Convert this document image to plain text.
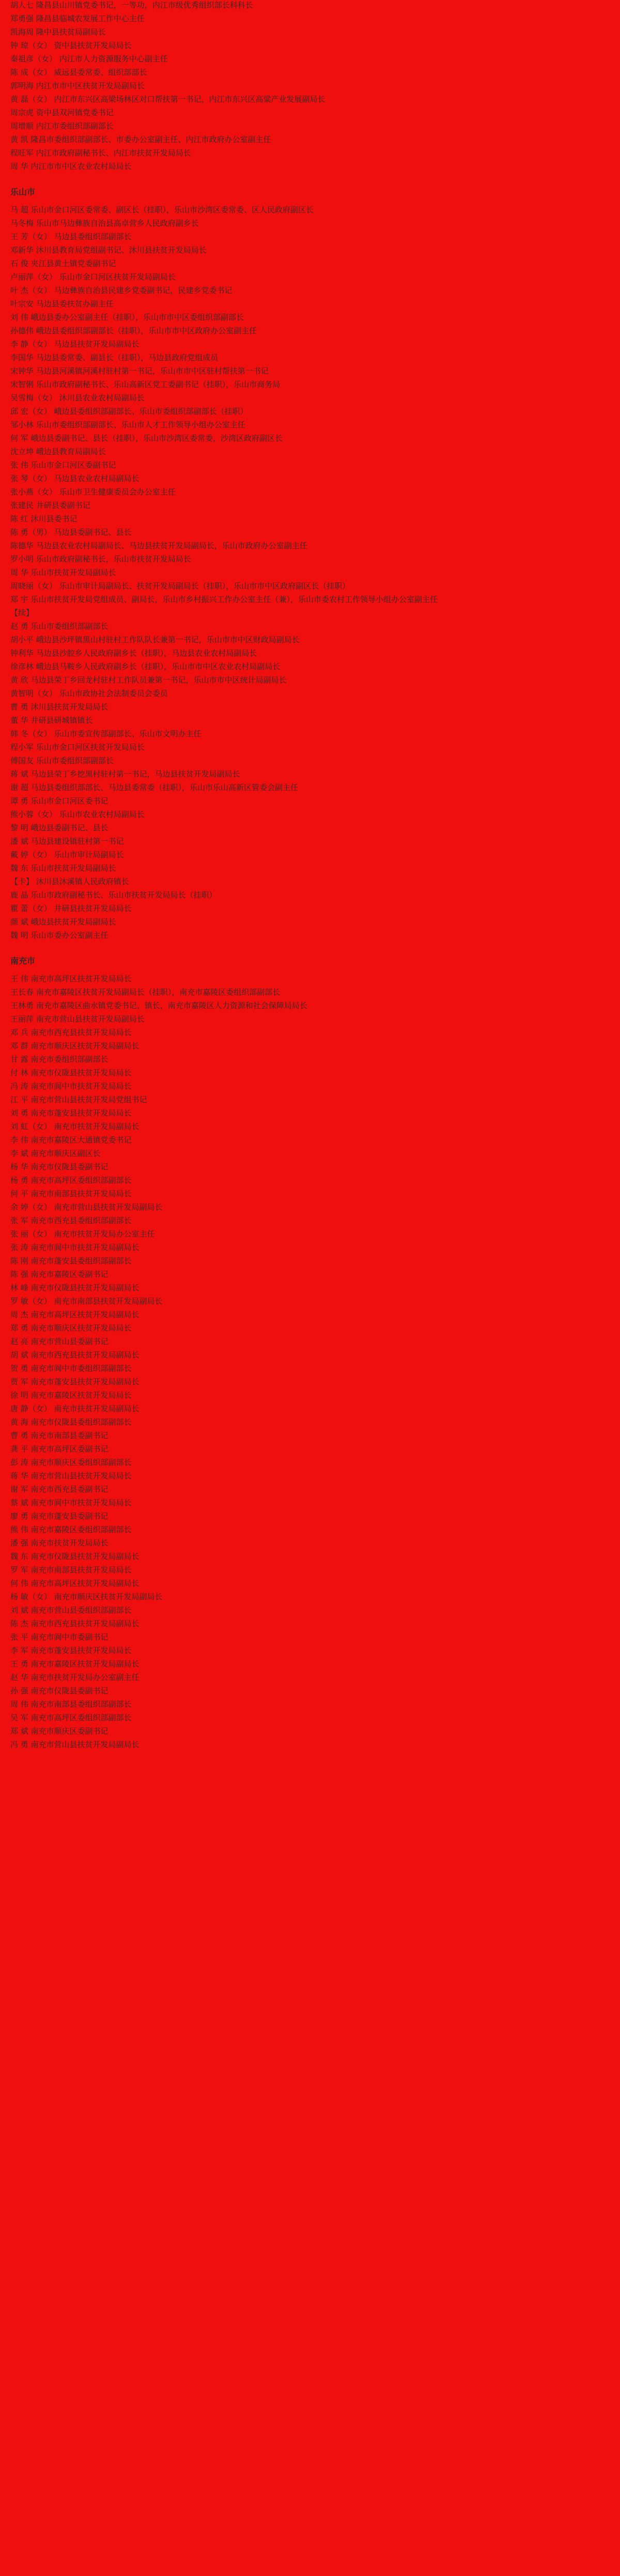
胡人七 隆昌县山川镇党委书记，一等功，内江市级优秀组织部长科科长

郑勇强 隆昌县临城农发展工作中心主任

凯海周 隆中县扶贫局副局长

钟 琼（女） 资中县扶贫开发局局长

秦祖彦（女） 内江市人力资源服务中心副主任

陈 成（女） 威远县委常委、组织部部长

郭明海 内江市市中区扶贫开发局副局长

黄 磊（女） 内江市东兴区高梁场林区对口帮扶第一书记，内江市东兴区高粱产业发展副局长

周宗虎 资中县双河镇党委书记

周增顺 内江市委组织部副部长

黄 凯 隆昌市委组织部副部长、市委办公室副主任、内江市政府办公室副主任

程旺军 内江市政府副秘书长、内江市扶贫开发局局长

周 华 内江市市中区农业农村局局长

乐山市

马 超 乐山市金口河区委常委、副区长（挂职），乐山市沙湾区委常委、区人民政府副区长

马冬梅 乐山市马边彝族自治县高卓营乡人民政府副乡长

王 芳（女） 马边县委组织部副部长

邓新华 沐川县教育局党组副书记、沐川县扶贫开发局局长

石 俊 夹江县黄土镇党委副书记

卢丽萍（女） 乐山市金口河区扶贫开发局副局长

叶 杰（女） 马边彝族自治县民建乡党委副书记，民建乡党委书记

叶宗安 马边县委扶贫办副主任

刘 伟 峨边县委办公室副主任（挂职），乐山市市中区委组织部副部长

孙德伟 峨边县委组织部副部长（挂职），乐山市市中区政府办公室副主任

李 静（女） 马边县扶贫开发局副局长

李国华 马边县委常委、副县长（挂职），马边县政府党组成员

宋钟华 马边县河溪镇河溪村驻村第一书记，乐山市市中区驻村帮扶第一书记

宋智俐 乐山市政府副秘书长、乐山高新区党工委副书记（挂职），乐山市商务局

吴雪梅（女） 沐川县农业农村局副局长

邱 宏（女） 峨边县委组织部副部长、乐山市委组织部副部长（挂职）

邹小林 乐山市委组织部副部长、乐山市人才工作领导小组办公室主任

何 军 峨边县委副书记、县长（挂职），乐山市沙湾区委常委，沙湾区政府副区长

沈立坤 峨边县教育局副局长

张 伟 乐山市金口河区委副书记

张 琴（女） 马边县农业农村局副局长

张小燕（女） 乐山市卫生健康委员会办公室主任

张建民 井研县委副书记

陈 红 沐川县委书记

陈 勇（男） 马边县委副书记、县长

陈德华 马边县农业农村局副局长、马边县扶贫开发局副局长，乐山市政府办公室副主任

罗小明 乐山市政府副秘书长，乐山市扶贫开发局局长

周 华 乐山市扶贫开发局副局长

周晓丽（女） 乐山市审计局副局长、扶贫开发局副局长（挂职），乐山市市中区政府副区长（挂职）

郑 宇 乐山市扶贫开发局党组成员、副局长，乐山市乡村振兴工作办公室主任（兼），乐山市委农村工作领导小组办公室副主任

【续】

赵 勇 乐山市委组织部副部长

胡小平 峨边县沙坪镇黑山村驻村工作队队长兼第一书记，乐山市市中区财政局副局长

钟利华 马边县沙腔乡人民政府副乡长（挂职），马边县农业农村局副局长

徐彦林 峨边县马鞍乡人民政府副乡长（挂职），乐山市市中区农业农村局副局长

黄 欣 马边县荣丁乡回龙村驻村工作队员兼第一书记，乐山市市中区统计局副局长

黄智明（女） 乐山市政协社会法制委员会委员

曹 勇 沐川县扶贫开发局局长

董 华 井研县研城镇镇长

韩 冬（女） 乐山市委宣传部副部长、乐山市文明办主任

程小军 乐山市金口河区扶贫开发局局长

傅国友 乐山市委组织部副部长

蒋 斌 马边县荣丁乡挖黑村驻村第一书记，马边县扶贫开发局副局长

谢 超 马边县委组织部部长、马边县委常委（挂职），乐山市乐山高新区管委会副主任

谭 勇 乐山市金口河区委书记

熊小蓉（女） 乐山市农业农村局副局长

黎 明 峨边县委副书记、县长

潘 斌 马边县建设镇驻村第一书记

戴 婷（女） 乐山市审计局副局长

魏 东 乐山市扶贫开发局副局长

【卡】 沐川县沐溪镇人民政府镇长

鹿 晶 乐山市政府副秘书长、乐山市扶贫开发局局长（挂职）

瞿 蕾（女） 井研县扶贫开发局局长

颜 斌 峨边县扶贫开发局副局长

魏 明 乐山市委办公室副主任

南充市

王 伟 南充市高坪区扶贫开发局局长

王长春 南充市嘉陵区扶贫开发局副局长（挂职），南充市嘉陵区委组织部副部长

王林勇 南充市嘉陵区曲水镇党委书记、镇长，南充市嘉陵区人力资源和社会保障局局长

王丽萍 南充市营山县扶贫开发局副局长

邓 兵 南充市西充县扶贫开发局局长

邓 群 南充市顺庆区扶贫开发局副局长

甘 露 南充市委组织部副部长

付 林 南充市仪陇县扶贫开发局局长

冯 涛 南充市阆中市扶贫开发局局长

江 平 南充市营山县扶贫开发局党组书记

刘 勇 南充市蓬安县扶贫开发局局长

刘 虹（女） 南充市扶贫开发局副局长

李 伟 南充市嘉陵区大通镇党委书记

李 斌 南充市顺庆区副区长

杨 华 南充市仪陇县委副书记

杨 勇 南充市高坪区委组织部副部长

何 平 南充市南部县扶贫开发局局长

余 婷（女） 南充市营山县扶贫开发局副局长

张 军 南充市西充县委组织部副部长

张 丽（女） 南充市扶贫开发局办公室主任

张 涛 南充市阆中市扶贫开发局副局长

陈 刚 南充市蓬安县委组织部副部长

陈 强 南充市嘉陵区委副书记

林 峰 南充市仪陇县扶贫开发局副局长

罗 敏（女） 南充市南部县扶贫开发局副局长

周 杰 南充市高坪区扶贫开发局副局长

郑 勇 南充市顺庆区扶贫开发局局长

赵 亮 南充市营山县委副书记

胡 斌 南充市西充县扶贫开发局副局长

贺 勇 南充市阆中市委组织部副部长

贾 军 南充市蓬安县扶贫开发局副局长

徐 明 南充市嘉陵区扶贫开发局局长

唐 静（女） 南充市扶贫开发局副局长

黄 海 南充市仪陇县委组织部副部长

曹 勇 南充市南部县委副书记

龚 平 南充市高坪区委副书记

彭 涛 南充市顺庆区委组织部副部长

蒋 华 南充市营山县扶贫开发局局长

谢 军 南充市西充县委副书记

蔡 斌 南充市阆中市扶贫开发局局长

廖 勇 南充市蓬安县委副书记

熊 伟 南充市嘉陵区委组织部副部长

潘 强 南充市扶贫开发局局长

魏 东 南充市仪陇县扶贫开发局副局长

罗 军 南充市南部县扶贫开发局局长

何 伟 南充市高坪区扶贫开发局副局长

杨 敏（女） 南充市顺庆区扶贫开发局副局长

刘 斌 南充市营山县委组织部副部长

陈 杰 南充市西充县扶贫开发局副局长

张 平 南充市阆中市委副书记

李 军 南充市蓬安县扶贫开发局局长

王 勇 南充市嘉陵区扶贫开发局副局长

赵 华 南充市扶贫开发局办公室副主任

孙 强 南充市仪陇县委副书记

周 伟 南充市南部县委组织部副部长

吴 军 南充市高坪区委组织部副部长

郑 斌 南充市顺庆区委副书记

冯 勇 南充市营山县扶贫开发局副局长
